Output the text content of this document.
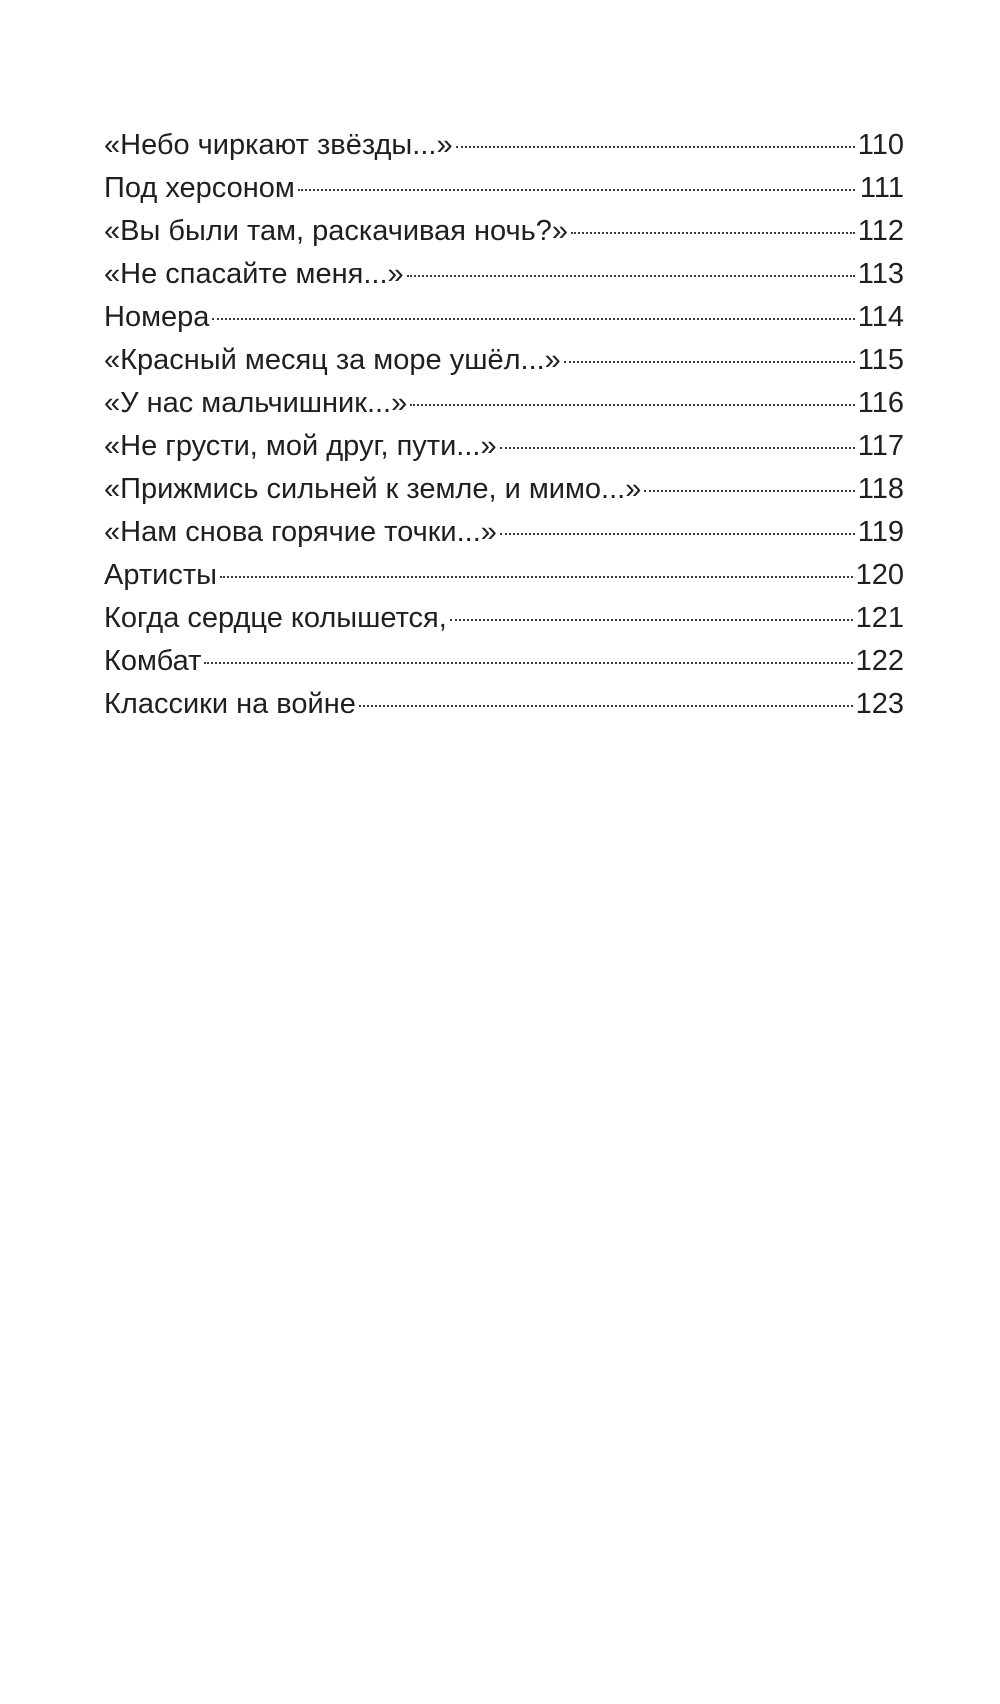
«Небо чиркают звёзды...»	110
Под херсоном	111
«Вы были там, раскачивая ночь?»	112
«Не спасайте меня...»	113
Номера	114
«Красный месяц за море ушёл...»	115
«У нас мальчишник...»	116
«Не грусти, мой друг, пути...»	117
«Прижмись сильней к земле, и мимо...»	118
«Нам снова горячие точки...»	119
Артисты	120
Когда сердце колышется,	121
Комбат	122
Классики на войне	123
